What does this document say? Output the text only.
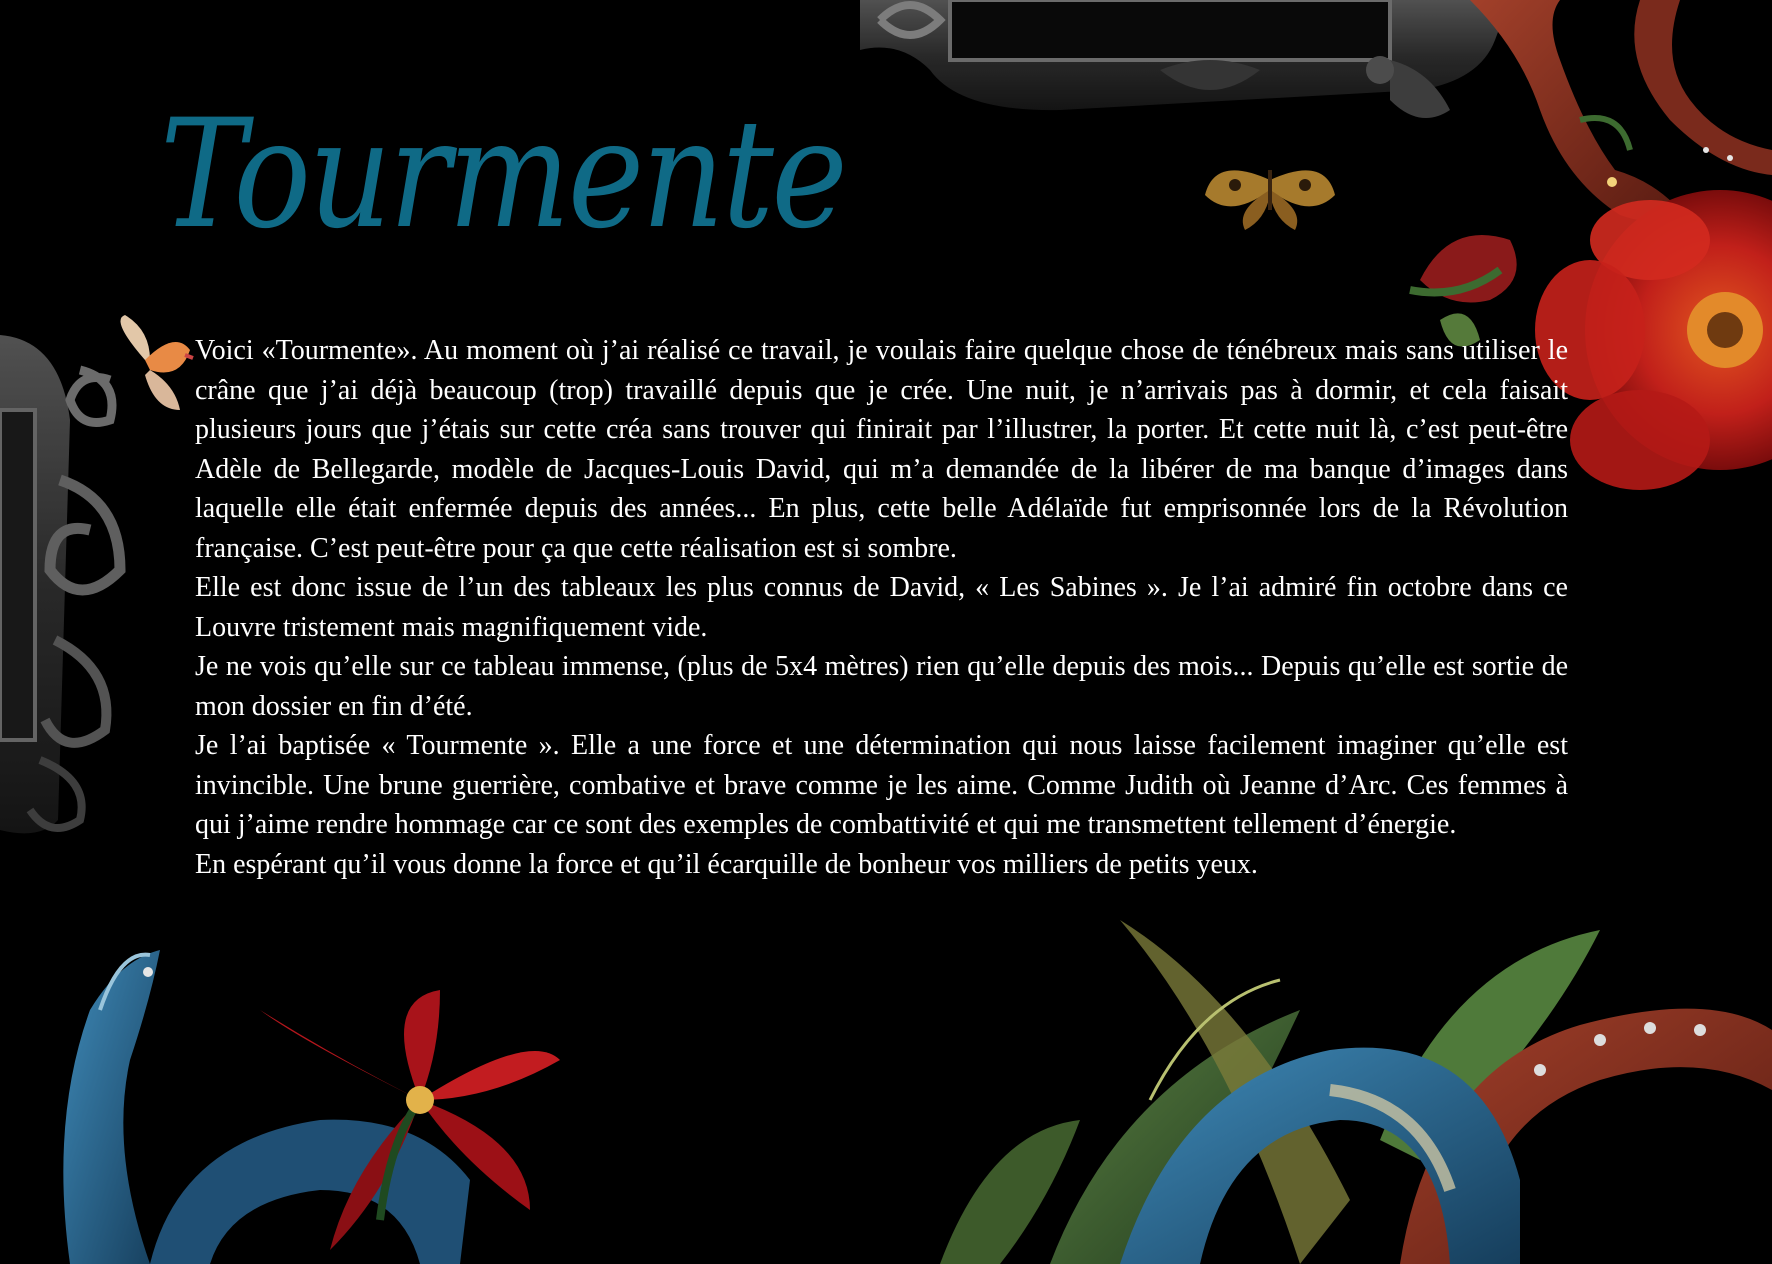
Tourmente

Voici «Tourmente». Au moment où j’ai réalisé ce travail, je voulais faire quelque chose de ténébreux mais sans utiliser le crâne que j’ai déjà beaucoup (trop) travaillé depuis que je crée. Une nuit, je n’arrivais pas à dormir, et cela faisait plusieurs jours que j’étais sur cette créa sans trouver qui finirait par l’illustrer, la porter. Et cette nuit là, c’est peut-être Adèle de Bellegarde, modèle de Jacques-Louis David, qui m’a demandée de la libérer de ma banque d’images dans laquelle elle était enfermée depuis des années... En plus, cette belle Adélaïde fut emprisonnée lors de la Révolution française. C’est peut-être pour ça que cette réalisation est si sombre.

Elle est donc issue de l’un des tableaux les plus connus de David, « Les Sabines ». Je l’ai admiré fin octobre dans ce Louvre tristement mais magnifiquement vide.

Je ne vois qu’elle sur ce tableau immense, (plus de 5x4 mètres) rien qu’elle depuis des mois... Depuis qu’elle est sortie de mon dossier en fin d’été.

Je l’ai baptisée « Tourmente ». Elle a une force et une détermination qui nous laisse facilement imaginer qu’elle est invincible. Une brune guerrière, combative et brave comme je les aime. Comme Judith où Jeanne d’Arc. Ces femmes à qui j’aime rendre hommage car ce sont des exemples de combattivité et qui me transmettent tellement d’énergie.

En espérant qu’il vous donne la force et qu’il écarquille de bonheur vos milliers de petits yeux.
